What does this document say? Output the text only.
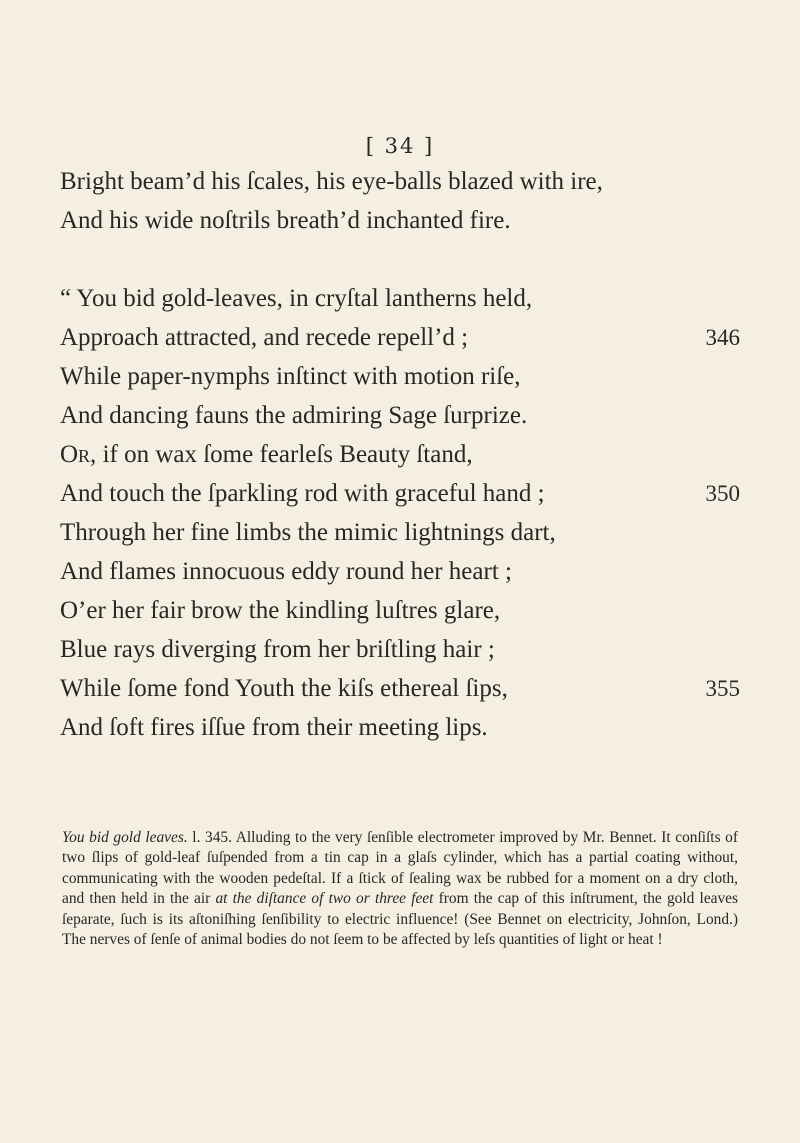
[ 34 ]
Bright beam’d his ſcales, his eye-balls blazed with ire,
And his wide noſtrils breath’d inchanted fire.
“ You bid gold-leaves, in cryſtal lantherns held,
Approach attracted, and recede repell’d ;	346
While paper-nymphs inſtinct with motion riſe,
And dancing fauns the admiring Sage ſurprize.
Or, if on wax ſome fearleſs Beauty ſtand,
And touch the ſparkling rod with graceful hand ;	350
Through her fine limbs the mimic lightnings dart,
And flames innocuous eddy round her heart ;
O’er her fair brow the kindling luſtres glare,
Blue rays diverging from her briſtling hair ;
While ſome fond Youth the kiſs ethereal ſips,	355
And ſoft fires iſſue from their meeting lips.

You bid gold leaves. l. 345. Alluding to the very ſenſible electrometer improved by Mr. Bennet. It conſiſts of two ſlips of gold-leaf ſuſpended from a tin cap in a glaſs cylinder, which has a partial coating without, communicating with the wooden pedeſtal. If a ſtick of ſealing wax be rubbed for a moment on a dry cloth, and then held in the air at the diſtance of two or three feet from the cap of this inſtrument, the gold leaves ſeparate, ſuch is its aſtoniſhing ſenſibility to electric influence! (See Bennet on electricity, Johnſon, Lond.) The nerves of ſenſe of animal bodies do not ſeem to be affected by leſs quantities of light or heat !
